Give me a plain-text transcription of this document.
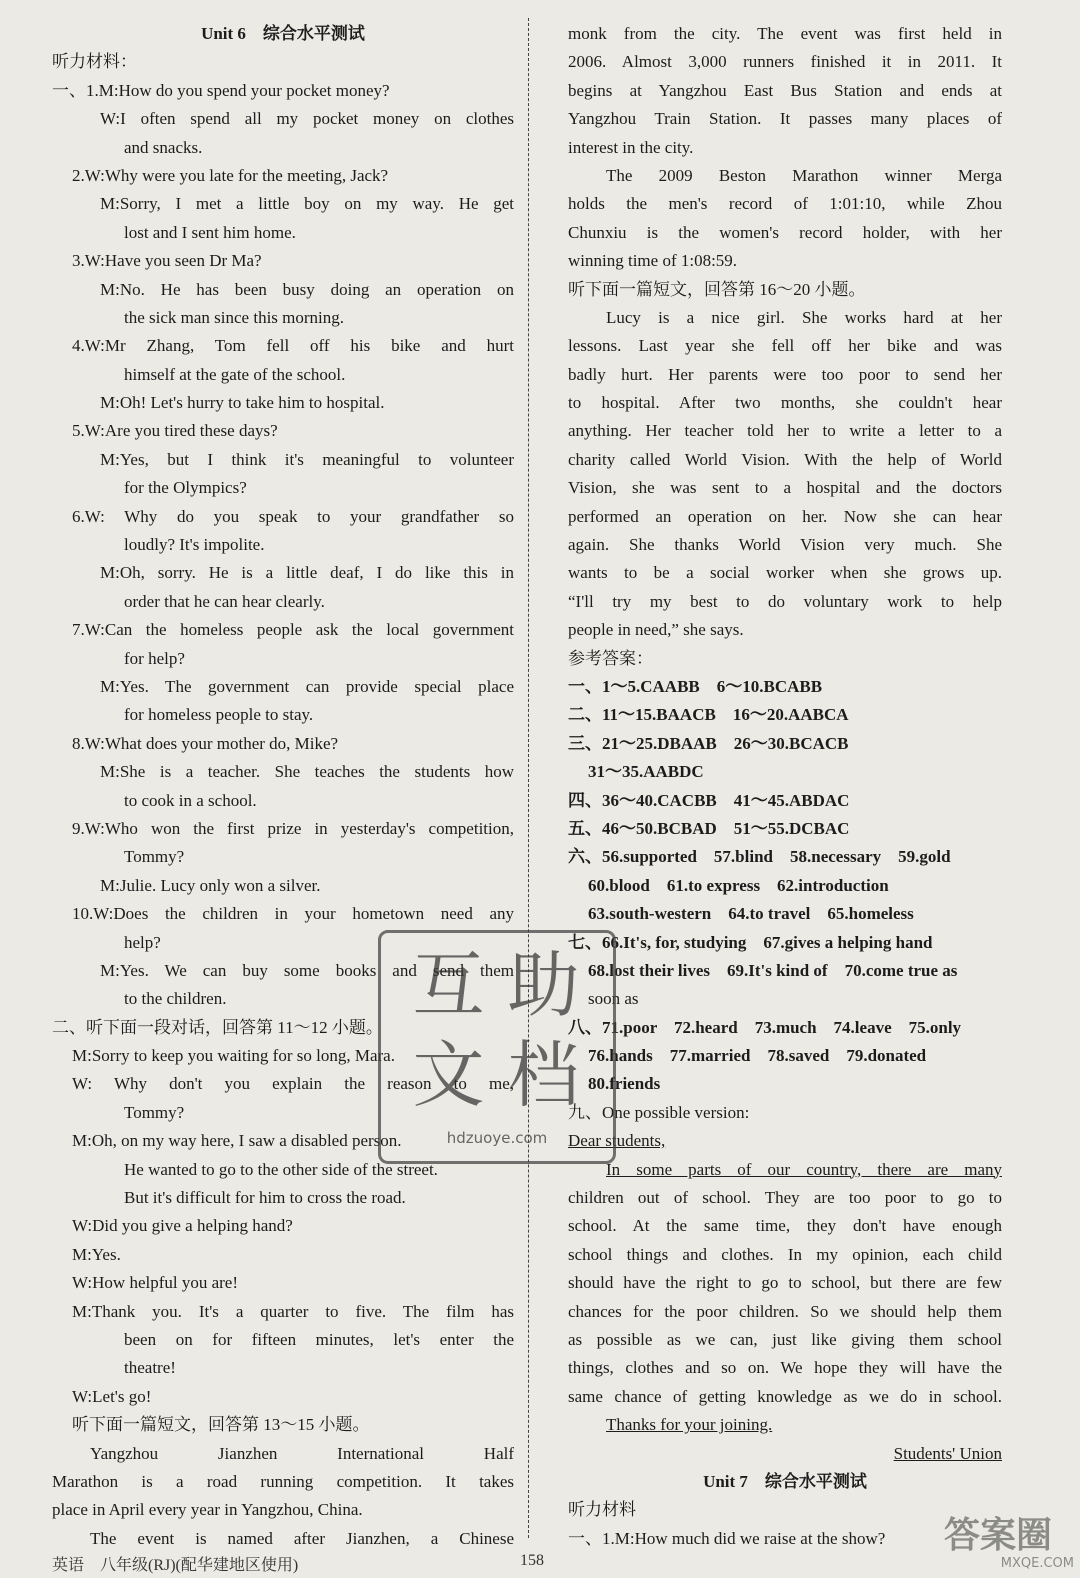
Unit 6　综合水平测试
听力材料：
一、1.M:How do you spend your pocket money?
W:I often spend all my pocket money on clothes
and snacks.
2.W:Why were you late for the meeting, Jack?
M:Sorry, I met a little boy on my way. He get
lost and I sent him home.
3.W:Have you seen Dr Ma?
M:No. He has been busy doing an operation on
the sick man since this morning.
4.W:Mr Zhang, Tom fell off his bike and hurt
himself at the gate of the school.
M:Oh! Let's hurry to take him to hospital.
5.W:Are you tired these days?
M:Yes, but I think it's meaningful to volunteer
for the Olympics?
6.W: Why do you speak to your grandfather so
loudly? It's impolite.
M:Oh, sorry. He is a little deaf, I do like this in
order that he can hear clearly.
7.W:Can the homeless people ask the local government
for help?
M:Yes. The government can provide special place
for homeless people to stay.
8.W:What does your mother do, Mike?
M:She is a teacher. She teaches the students how
to cook in a school.
9.W:Who won the first prize in yesterday's competition,
Tommy?
M:Julie. Lucy only won a silver.
10.W:Does the children in your hometown need any
help?
M:Yes. We can buy some books and send them
to the children.
二、听下面一段对话，回答第 11～12 小题。
M:Sorry to keep you waiting for so long, Mara.
W: Why don't you explain the reason to me,
Tommy?
M:Oh, on my way here, I saw a disabled person.
He wanted to go to the other side of the street.
But it's difficult for him to cross the road.
W:Did you give a helping hand?
M:Yes.
W:How helpful you are!
M:Thank you. It's a quarter to five. The film has
been on for fifteen minutes, let's enter the
theatre!
W:Let's go!
听下面一篇短文，回答第 13～15 小题。
Yangzhou Jianzhen International Half
Marathon is a road running competition. It takes
place in April every year in Yangzhou, China.
The event is named after Jianzhen, a Chinese
monk from the city. The event was first held in
2006. Almost 3,000 runners finished it in 2011. It
begins at Yangzhou East Bus Station and ends at
Yangzhou Train Station. It passes many places of
interest in the city.
The 2009 Beston Marathon winner Merga
holds the men's record of 1:01:10, while Zhou
Chunxiu is the women's record holder, with her
winning time of 1:08:59.
听下面一篇短文，回答第 16～20 小题。
Lucy is a nice girl. She works hard at her
lessons. Last year she fell off her bike and was
badly hurt. Her parents were too poor to send her
to hospital. After two months, she couldn't hear
anything. Her teacher told her to write a letter to a
charity called World Vision. With the help of World
Vision, she was sent to a hospital and the doctors
performed an operation on her. Now she can hear
again. She thanks World Vision very much. She
wants to be a social worker when she grows up.
“I'll try my best to do voluntary work to help
people in need,” she says.
参考答案：
一、1～5.CAABB　6～10.BCABB
二、11～15.BAACB　16～20.AABCA
三、21～25.DBAAB　26～30.BCACB
31～35.AABDC
四、36～40.CACBB　41～45.ABDAC
五、46～50.BCBAD　51～55.DCBAC
六、56.supported　57.blind　58.necessary　59.gold
60.blood　61.to express　62.introduction
63.south-western　64.to travel　65.homeless
七、66.It's, for, studying　67.gives a helping hand
68.lost their lives　69.It's kind of　70.come true as
soon as
八、71.poor　72.heard　73.much　74.leave　75.only
76.hands　77.married　78.saved　79.donated
80.friends
九、One possible version:
Dear students,
In some parts of our country, there are many
children out of school. They are too poor to go to
school. At the same time, they don't have enough
school things and clothes. In my opinion, each child
should have the right to go to school, but there are few
chances for the poor children. So we should help them
as possible as we can, just like giving them school
things, clothes and so on. We hope they will have the
same chance of getting knowledge as we do in school.
Thanks for your joining.
Students' Union
Unit 7　综合水平测试
听力材料
一、1.M:How much did we raise at the show?
英语　八年级(RJ)(配华建地区使用)	158
互 助
文 档
hdzuoye.com
答案圈
MXQE.COM
